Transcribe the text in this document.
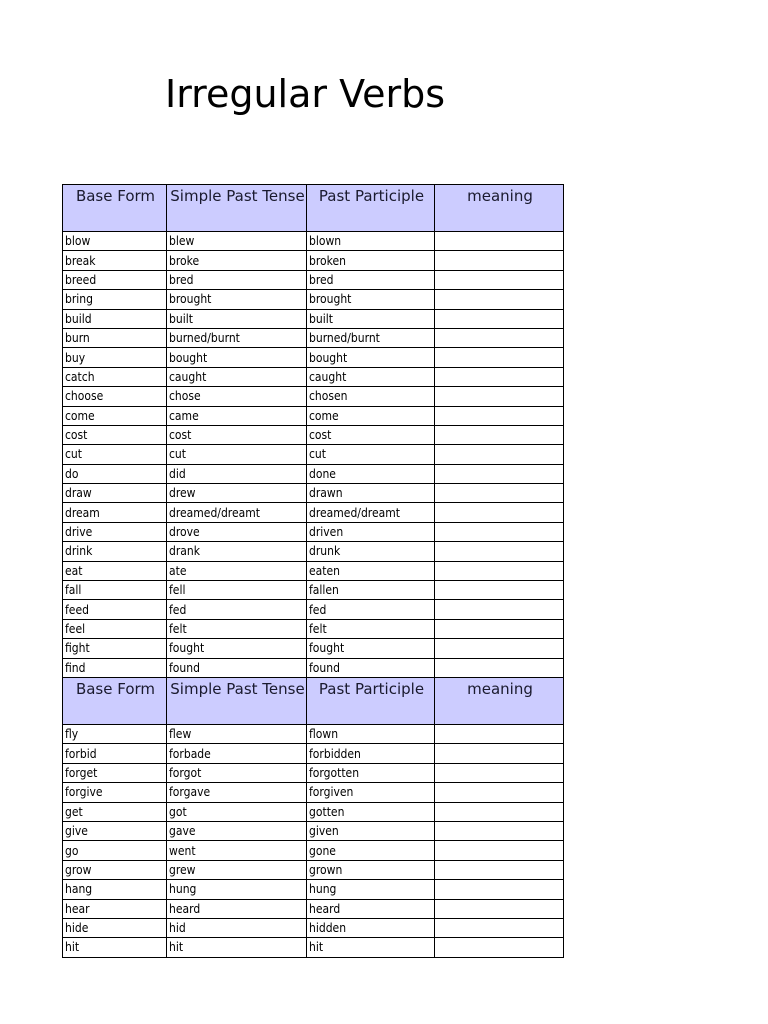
Irregular Verbs
Base Form	Simple Past Tense	Past Participle	meaning
blow	blew	blown	
break	broke	broken	
breed	bred	bred	
bring	brought	brought	
build	built	built	
burn	burned/burnt	burned/burnt	
buy	bought	bought	
catch	caught	caught	
choose	chose	chosen	
come	came	come	
cost	cost	cost	
cut	cut	cut	
do	did	done	
draw	drew	drawn	
dream	dreamed/dreamt	dreamed/dreamt	
drive	drove	driven	
drink	drank	drunk	
eat	ate	eaten	
fall	fell	fallen	
feed	fed	fed	
feel	felt	felt	
fight	fought	fought	
find	found	found	
Base Form	Simple Past Tense	Past Participle	meaning
fly	flew	flown	
forbid	forbade	forbidden	
forget	forgot	forgotten	
forgive	forgave	forgiven	
get	got	gotten	
give	gave	given	
go	went	gone	
grow	grew	grown	
hang	hung	hung	
hear	heard	heard	
hide	hid	hidden	
hit	hit	hit	
